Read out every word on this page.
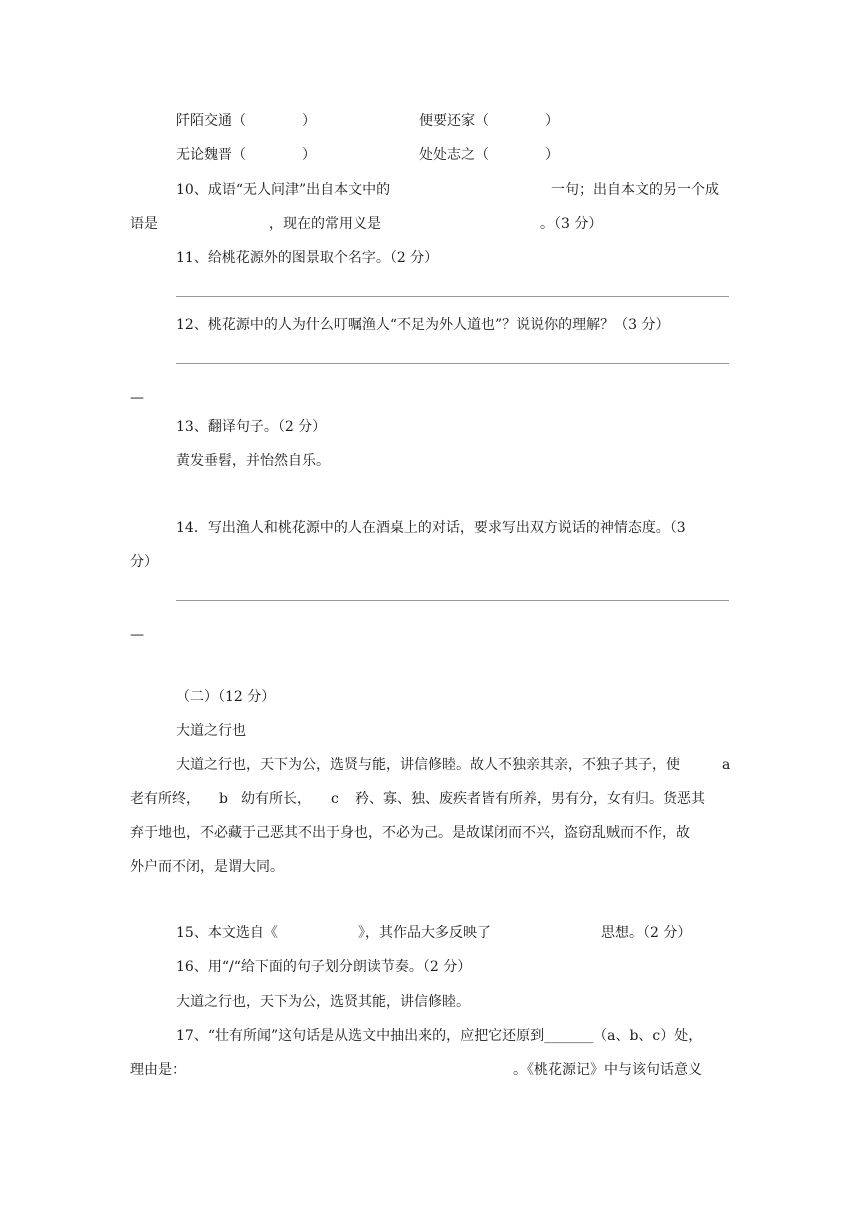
阡陌交通（　　　　）	便要还家（　　　　）
无论魏晋（　　　　）	处处志之（　　　　）
10、成语“无人问津”出自本文中的	一句；出自本文的另一个成
语是	，现在的常用义是	。（3 分）
11、给桃花源外的图景取个名字。（2 分）
12、桃花源中的人为什么叮嘱渔人“不足为外人道也”？说说你的理解？（3 分）
—
13、翻译句子。（2 分）
黄发垂髫，并怡然自乐。
14．写出渔人和桃花源中的人在酒桌上的对话，要求写出双方说话的神情态度。（3
分）
—
（二）（12 分）
大道之行也
大道之行也，天下为公，选贤与能，讲信修睦。故人不独亲其亲，不独子其子，使	a
老有所终， b 幼有所长， c 矜、寡、独、废疾者皆有所养，男有分，女有归。货恶其
弃于地也，不必藏于己恶其不出于身也，不必为己。是故谋闭而不兴，盗窃乱贼而不作，故
外户而不闭，是谓大同。
15、本文选自《	》，其作品大多反映了	思想。（2 分）
16、用“/“给下面的句子划分朗读节奏。（2 分）
大道之行也，天下为公，选贤其能，讲信修睦。
17、“壮有所闻”这句话是从选文中抽出来的，应把它还原到_______（a、b、c）处，
理由是：	。《桃花源记》中与该句话意义
